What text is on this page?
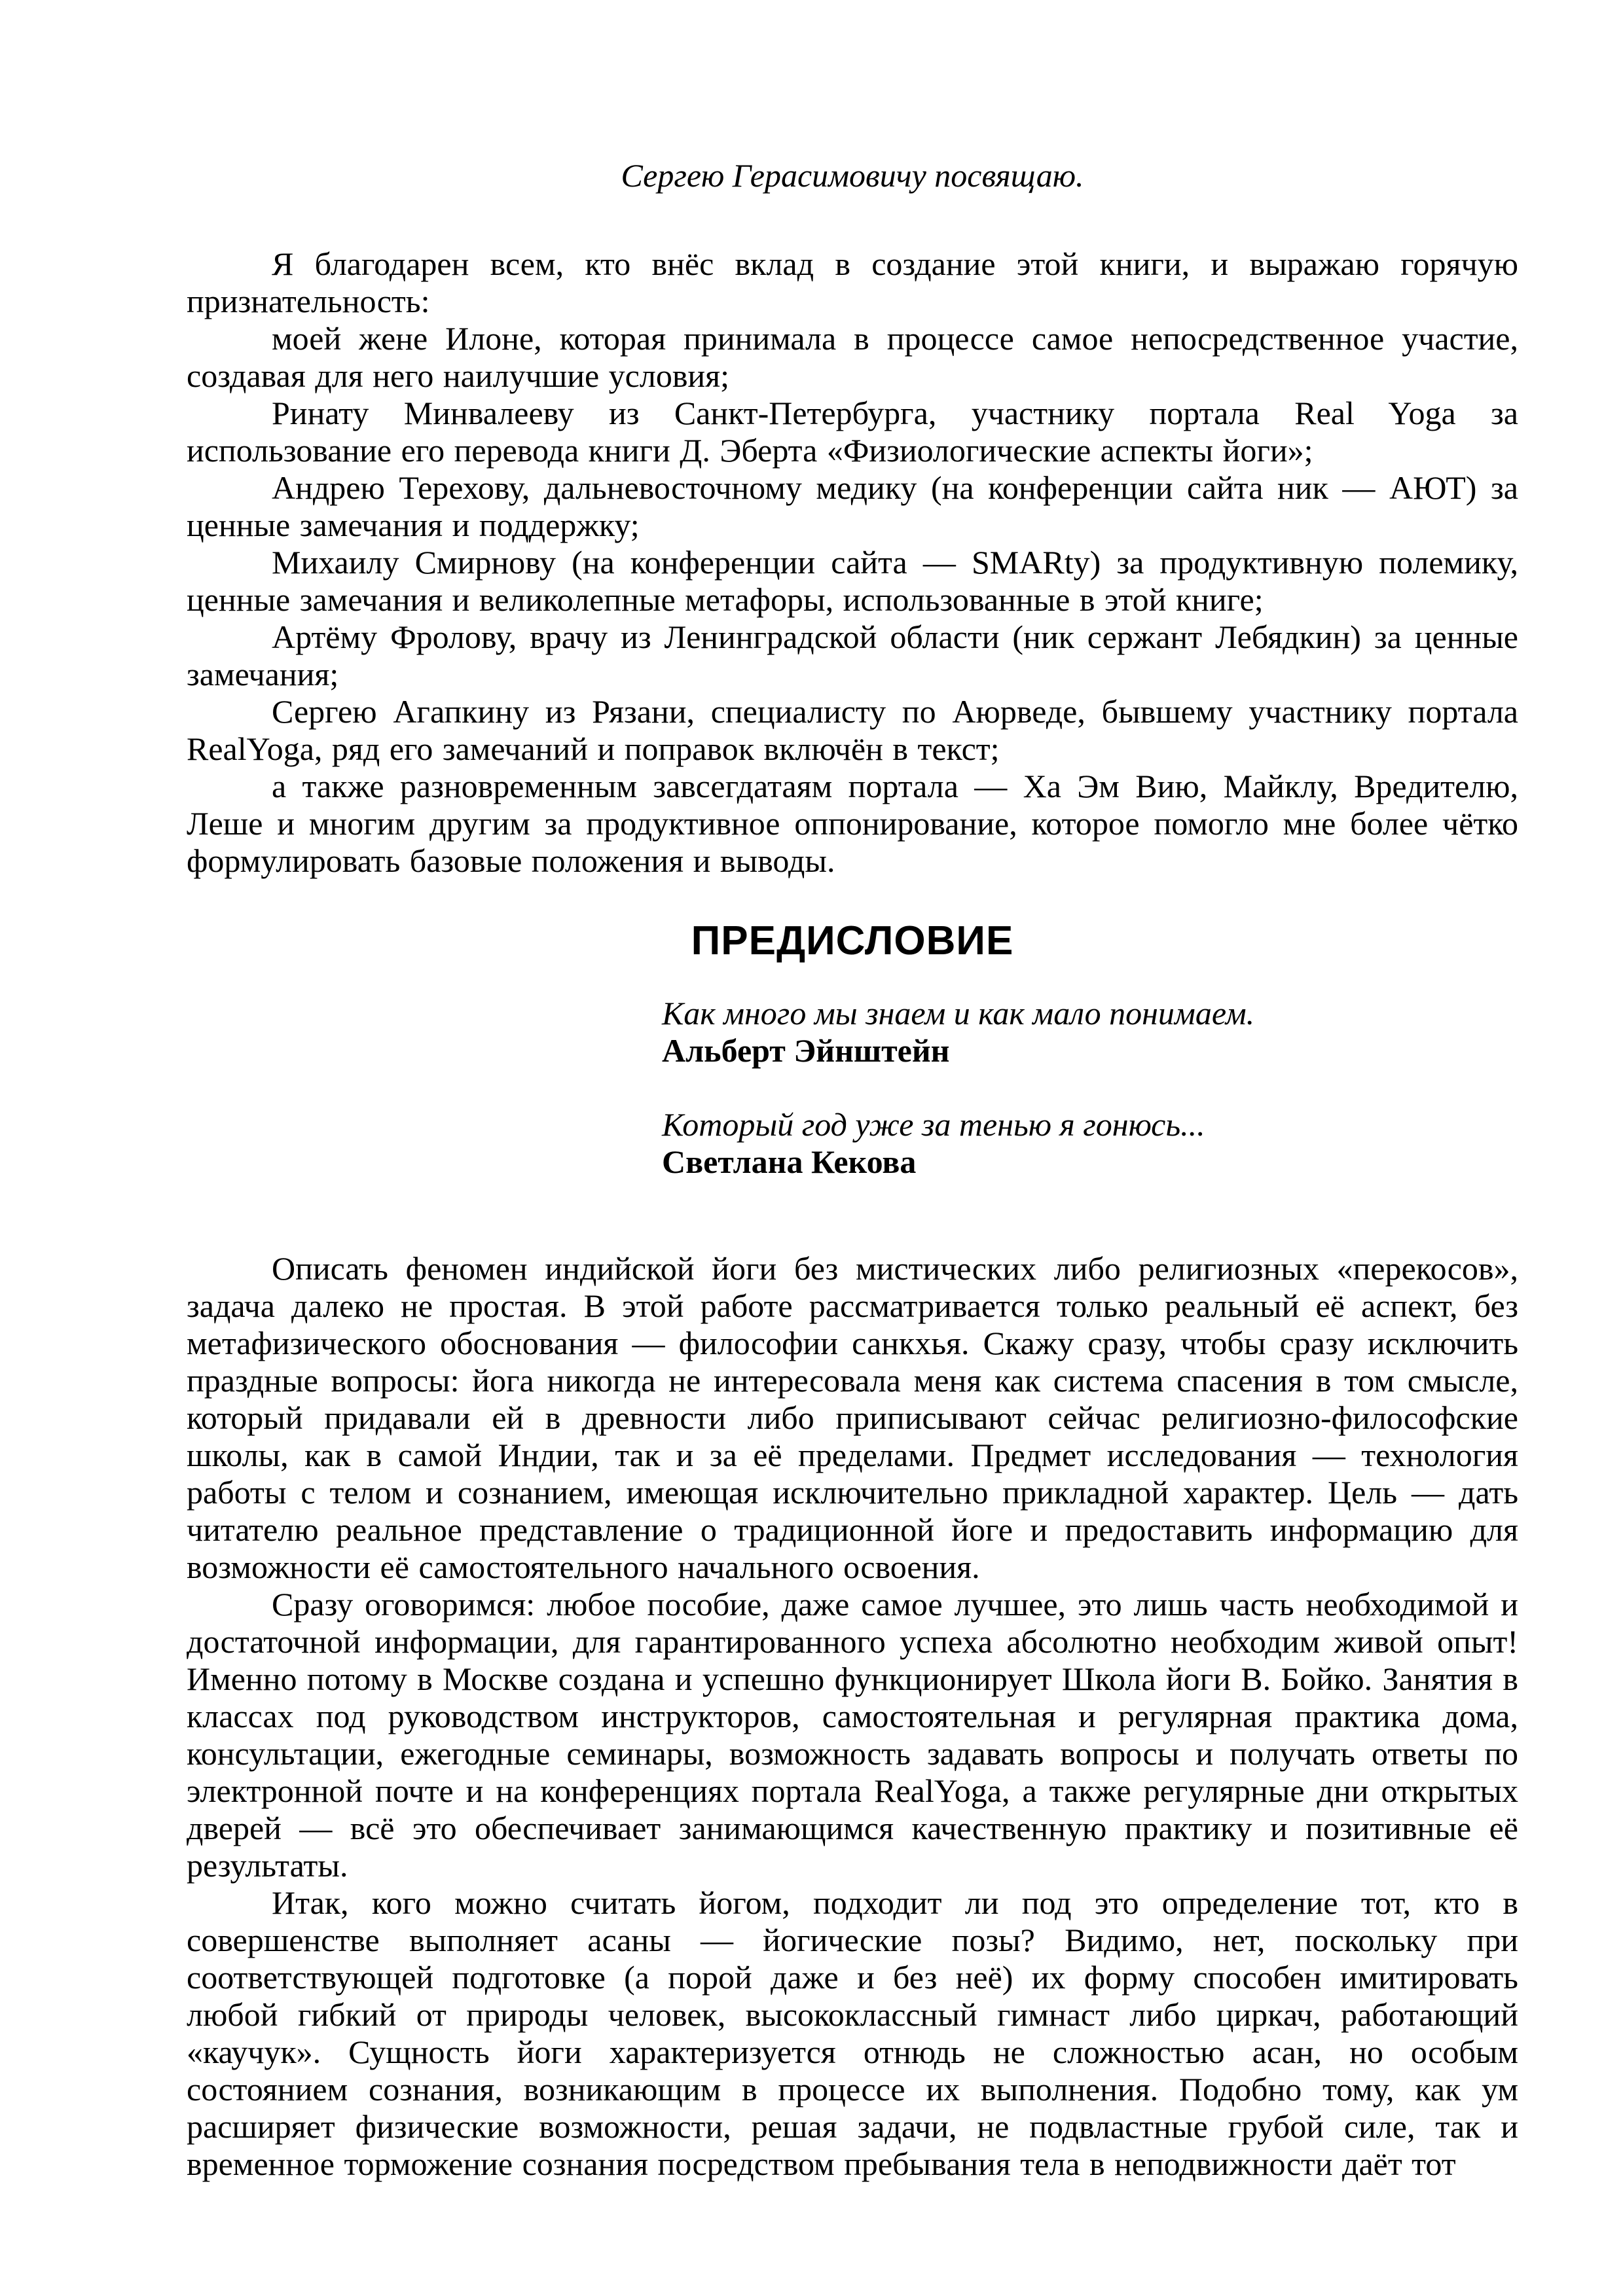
Сергею Герасимовичу посвящаю.

Я благодарен всем, кто внёс вклад в создание этой книги, и выражаю горячую признательность:

моей жене Илоне, которая принимала в процессе самое непосредственное участие, создавая для него наилучшие условия;

Ринату Минвалееву из Санкт-Петербурга, участнику портала Real Yoga за использование его перевода книги Д. Эберта «Физиологические аспекты йоги»;

Андрею Терехову, дальневосточному медику (на конференции сайта ник — АЮТ) за ценные замечания и поддержку;

Михаилу Смирнову (на конференции сайта — SMARty) за продуктивную полемику, ценные замечания и великолепные метафоры, использованные в этой книге;

Артёму Фролову, врачу из Ленинградской области (ник сержант Лебядкин) за ценные замечания;

Сергею Агапкину из Рязани, специалисту по Аюрведе, бывшему участнику портала RealYoga, ряд его замечаний и поправок включён в текст;

а также разновременным завсегдатаям портала — Ха Эм Вию, Майклу, Вредителю, Леше и многим другим за продуктивное оппонирование, которое помогло мне более чётко формулировать базовые положения и выводы.

ПРЕДИСЛОВИЕ

Как много мы знаем и как мало понимаем.

Альберт Эйнштейн

Который год уже за тенью я гонюсь...

Светлана Кекова

Описать феномен индийской йоги без мистических либо религиозных «перекосов», задача далеко не простая. В этой работе рассматривается только реальный её аспект, без метафизического обоснования — философии санкхья. Скажу сразу, чтобы сразу исключить праздные вопросы: йога никогда не интересовала меня как система спасения в том смысле, который придавали ей в древности либо приписывают сейчас религиозно-философские школы, как в самой Индии, так и за её пределами. Предмет исследования — технология работы с телом и сознанием, имеющая исключительно прикладной характер. Цель — дать читателю реальное представление о традиционной йоге и предоставить информацию для возможности её самостоятельного начального освоения.

Сразу оговоримся: любое пособие, даже самое лучшее, это лишь часть необходимой и достаточной информации, для гарантированного успеха абсолютно необходим живой опыт! Именно потому в Москве создана и успешно функционирует Школа йоги В. Бойко. Занятия в классах под руководством инструкторов, самостоятельная и регулярная практика дома, консультации, ежегодные семинары, возможность задавать вопросы и получать ответы по электронной почте и на конференциях портала RealYoga, а также регулярные дни открытых дверей — всё это обеспечивает занимающимся качественную практику и позитивные её результаты.

Итак, кого можно считать йогом, подходит ли под это определение тот, кто в совершенстве выполняет асаны — йогические позы? Видимо, нет, поскольку при соответствующей подготовке (а порой даже и без неё) их форму способен имитировать любой гибкий от природы человек, высококлассный гимнаст либо циркач, работающий «каучук». Сущность йоги характеризуется отнюдь не сложностью асан, но особым состоянием сознания, возникающим в процессе их выполнения. Подобно тому, как ум расширяет физические возможности, решая задачи, не подвластные грубой силе, так и временное торможение сознания посредством пребывания тела в неподвижности даёт тот
